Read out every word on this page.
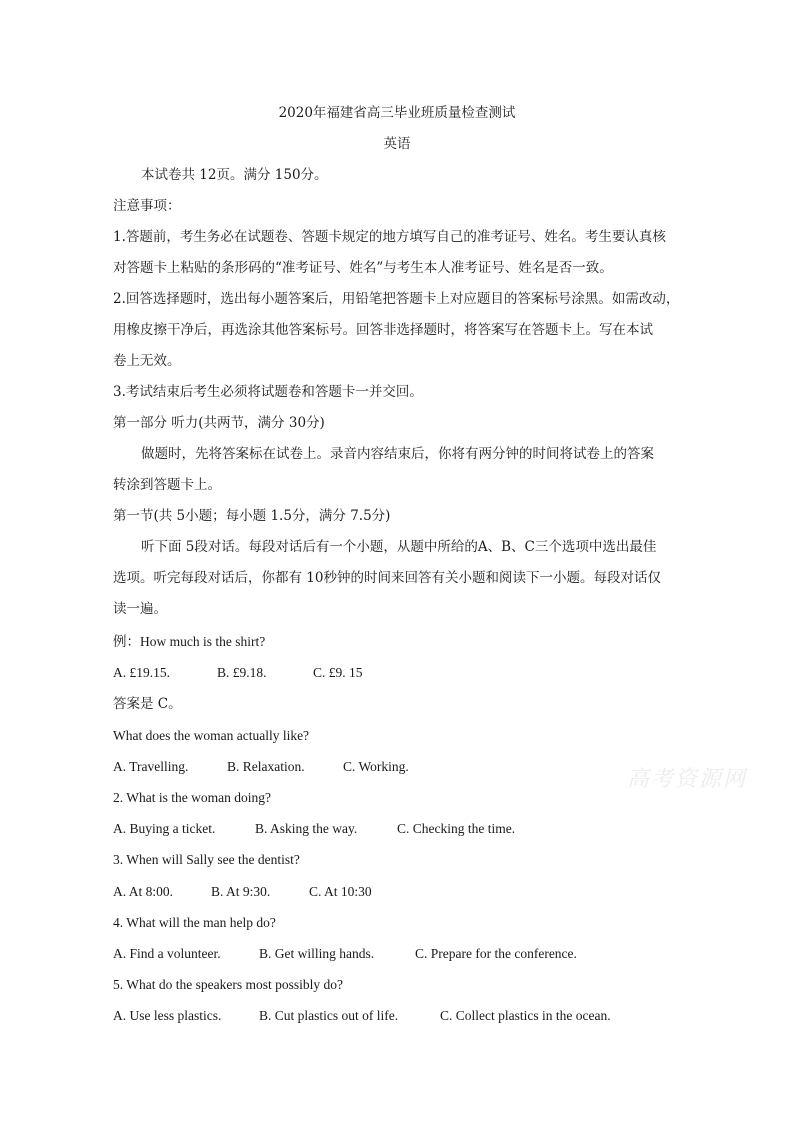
2020年福建省高三毕业班质量检查测试
英语
本试卷共 12页。满分 150分。
注意事项：
1.答题前，考生务必在试题卷、答题卡规定的地方填写自己的准考证号、姓名。考生要认真核
对答题卡上粘贴的条形码的“准考证号、姓名”与考生本人准考证号、姓名是否一致。
2.回答选择题时，选出每小题答案后，用铅笔把答题卡上对应题目的答案标号涂黑。如需改动，
用橡皮擦干净后，再选涂其他答案标号。回答非选择题时，将答案写在答题卡上。写在本试
卷上无效。
3.考试结束后考生必须将试题卷和答题卡一并交回。
第一部分 听力(共两节，满分 30分)
做题时，先将答案标在试卷上。录音内容结束后，你将有两分钟的时间将试卷上的答案
转涂到答题卡上。
第一节(共 5小题；每小题 1.5分，满分 7.5分)
听下面 5段对话。每段对话后有一个小题，从题中所给的A、B、C三个选项中选出最佳
选项。听完每段对话后，你都有 10秒钟的时间来回答有关小题和阅读下一小题。每段对话仅
读一遍。
例：How much is the shirt?
A. £19.15.	B. £9.18.	C. £9. 15
答案是 C。
What does the woman actually like?
A. Travelling.	B. Relaxation.	C. Working.
2. What is the woman doing?
A. Buying a ticket.	B. Asking the way.	C. Checking the time.
3. When will Sally see the dentist?
A. At 8:00.	B. At 9:30.	C. At 10:30
4. What will the man help do?
A. Find a volunteer.	B. Get willing hands.	C. Prepare for the conference.
5. What do the speakers most possibly do?
A. Use less plastics.	B. Cut plastics out of life.	C. Collect plastics in the ocean.
高考资源网
